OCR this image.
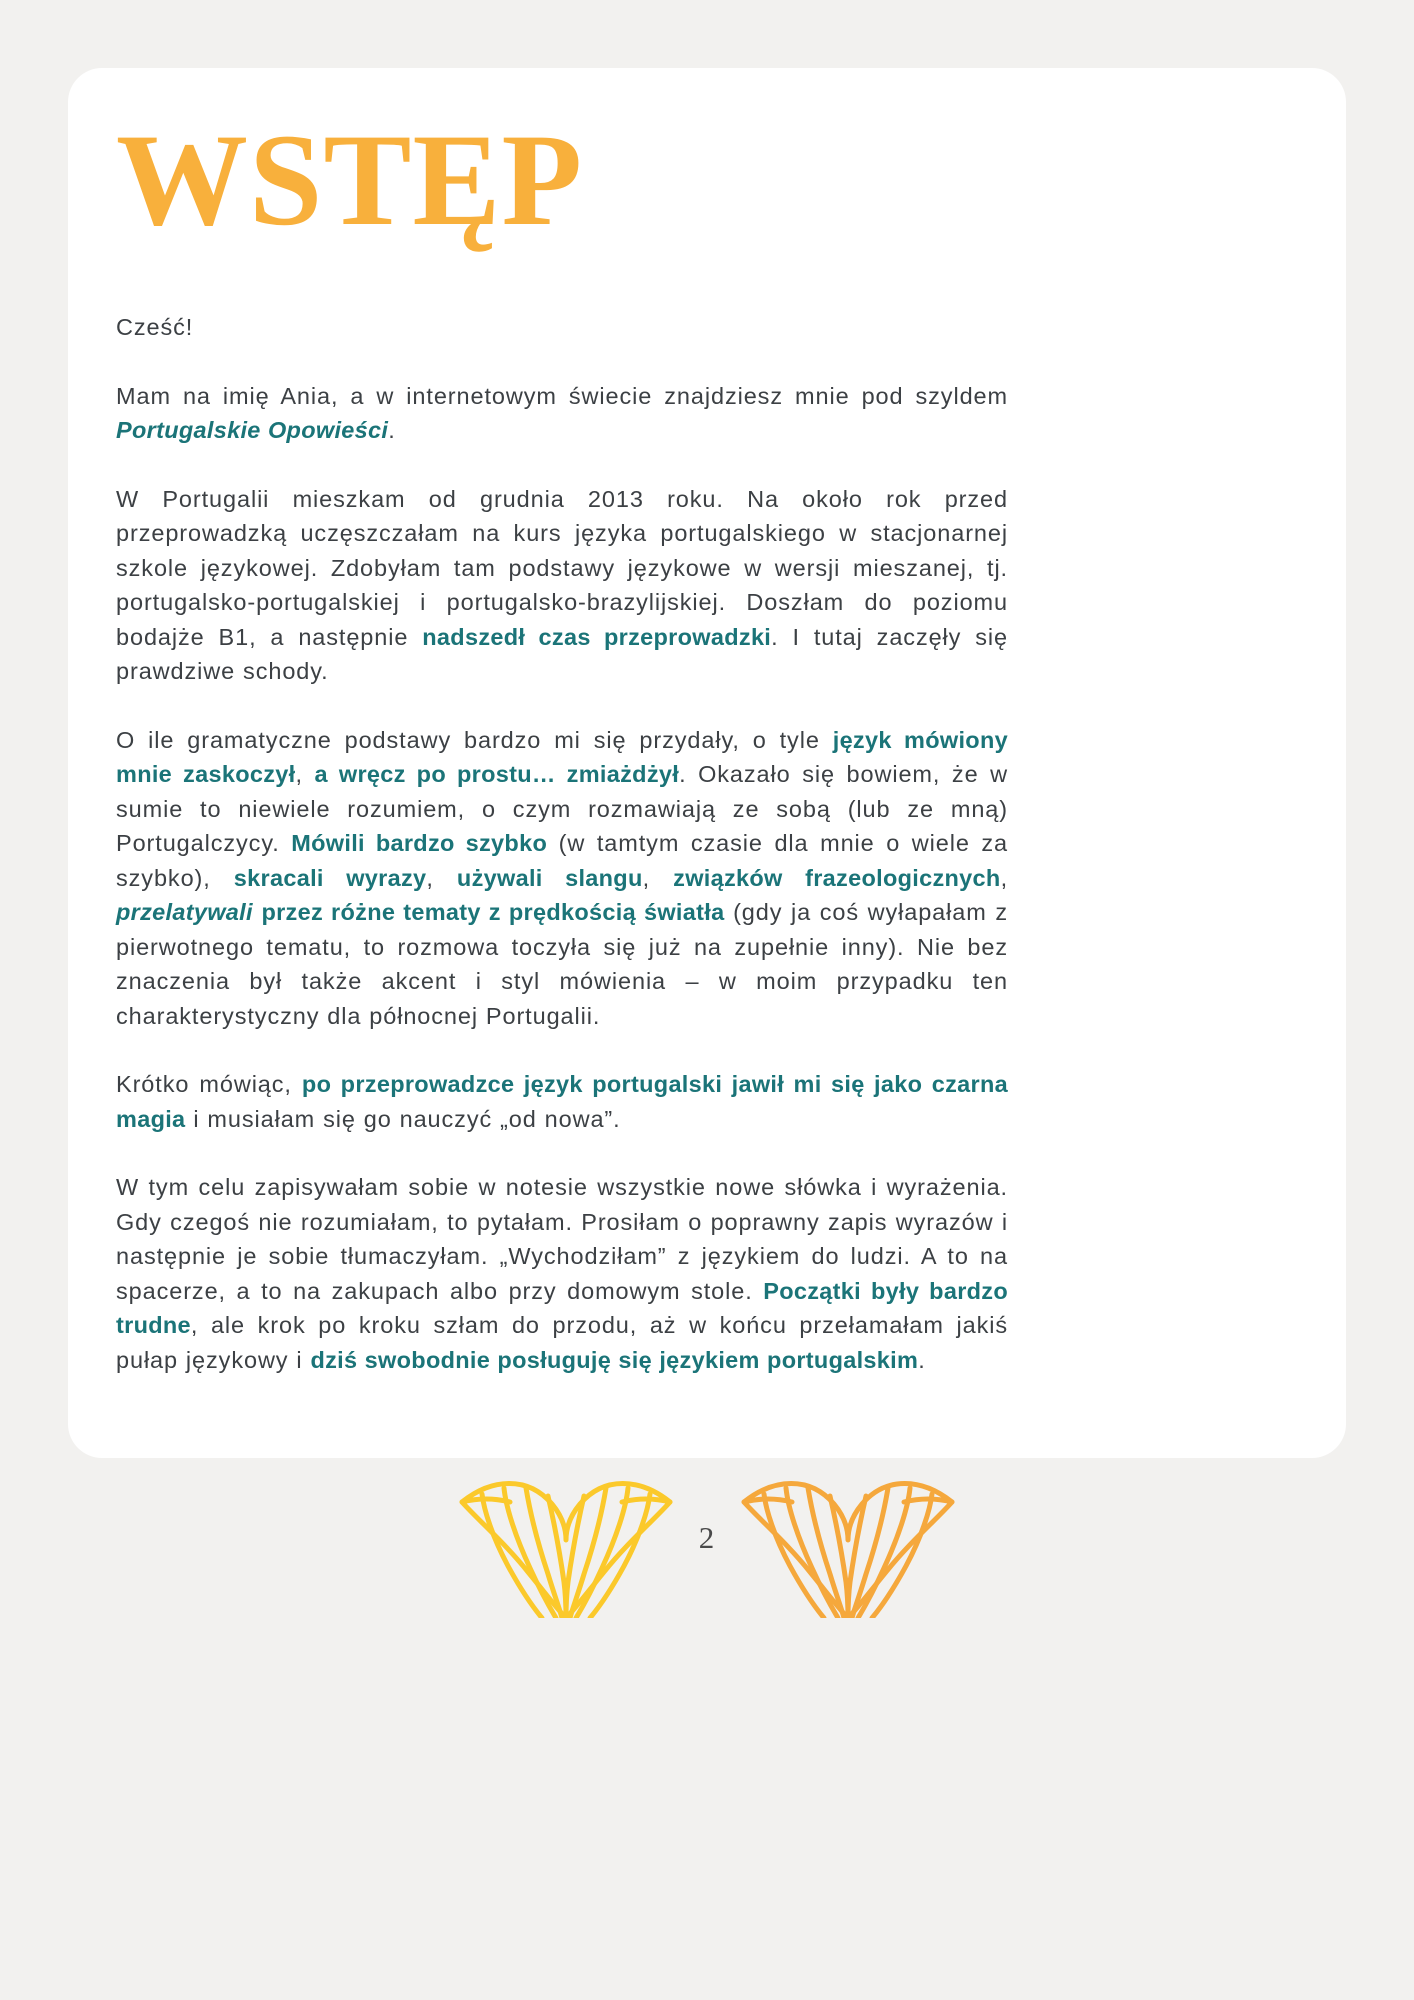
WSTĘP

Cześć!

Mam na imię Ania, a w internetowym świecie znajdziesz mnie pod szyldem Portugalskie Opowieści.

W Portugalii mieszkam od grudnia 2013 roku. Na około rok przed przeprowadzką uczęszczałam na kurs języka portugalskiego w stacjonarnej szkole językowej. Zdobyłam tam podstawy językowe w wersji mieszanej, tj. portugalsko-portugalskiej i portugalsko-brazylijskiej. Doszłam do poziomu bodajże B1, a następnie nadszedł czas przeprowadzki. I tutaj zaczęły się prawdziwe schody.

O ile gramatyczne podstawy bardzo mi się przydały, o tyle język mówiony mnie zaskoczył, a wręcz po prostu… zmiażdżył. Okazało się bowiem, że w sumie to niewiele rozumiem, o czym rozmawiają ze sobą (lub ze mną) Portugalczycy. Mówili bardzo szybko (w tamtym czasie dla mnie o wiele za szybko), skracali wyrazy, używali slangu, związków frazeologicznych, przelatywali przez różne tematy z prędkością światła (gdy ja coś wyłapałam z pierwotnego tematu, to rozmowa toczyła się już na zupełnie inny). Nie bez znaczenia był także akcent i styl mówienia – w moim przypadku ten charakterystyczny dla północnej Portugalii.

Krótko mówiąc, po przeprowadzce język portugalski jawił mi się jako czarna magia i musiałam się go nauczyć „od nowa”.

W tym celu zapisywałam sobie w notesie wszystkie nowe słówka i wyrażenia. Gdy czegoś nie rozumiałam, to pytałam. Prosiłam o poprawny zapis wyrazów i następnie je sobie tłumaczyłam. „Wychodziłam” z językiem do ludzi. A to na spacerze, a to na zakupach albo przy domowym stole. Początki były bardzo trudne, ale krok po kroku szłam do przodu, aż w końcu przełamałam jakiś pułap językowy i dziś swobodnie posługuję się językiem portugalskim.

2
